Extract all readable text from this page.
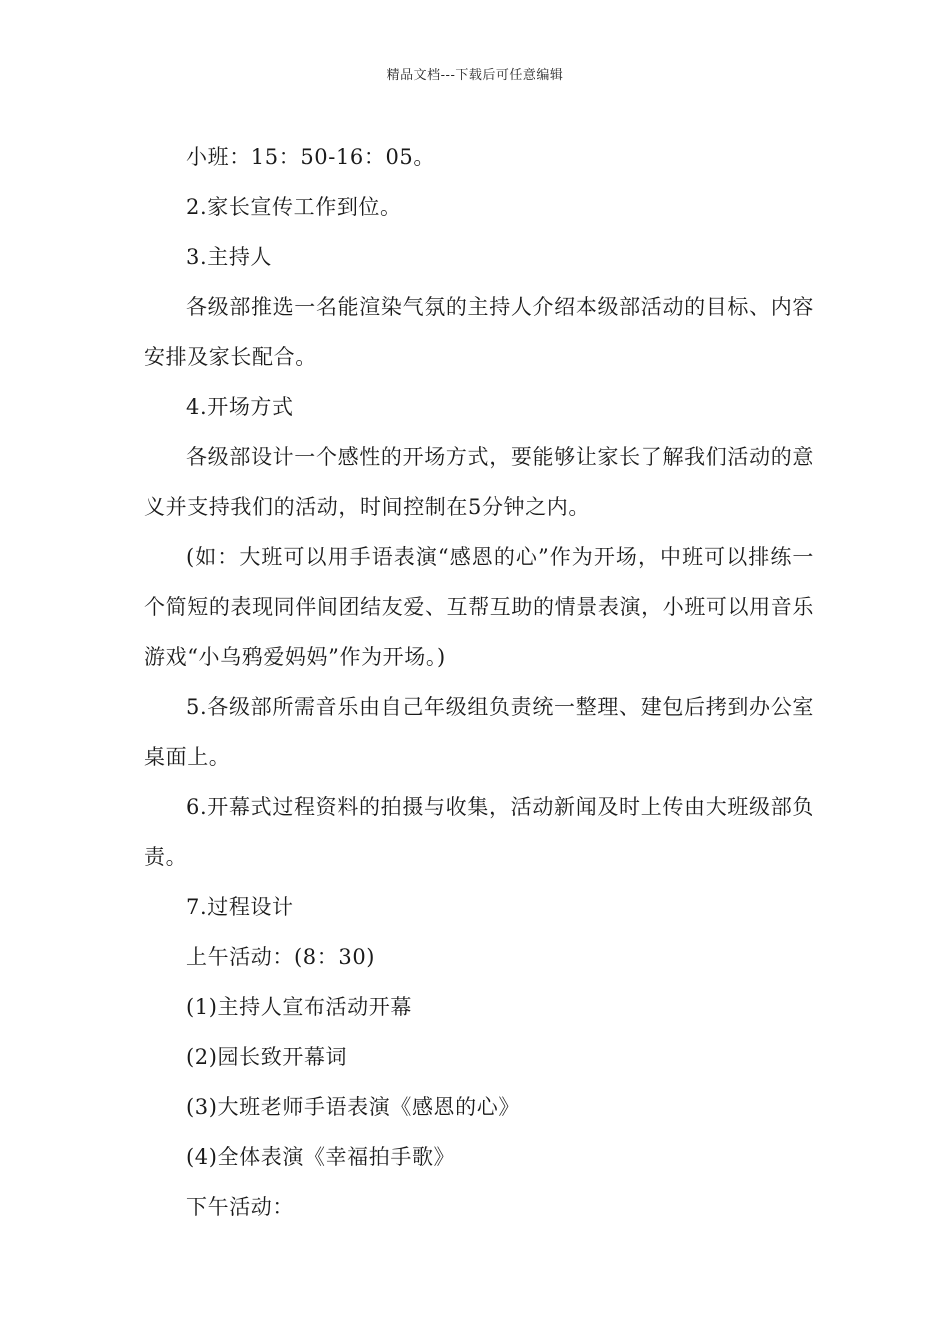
精品文档---下载后可任意编辑

小班：15：50-16：05。

2.家长宣传工作到位。

3.主持人

各级部推选一名能渲染气氛的主持人介绍本级部活动的目标、内容安排及家长配合。

4.开场方式

各级部设计一个感性的开场方式，要能够让家长了解我们活动的意义并支持我们的活动，时间控制在5分钟之内。

(如：大班可以用手语表演“感恩的心”作为开场，中班可以排练一个简短的表现同伴间团结友爱、互帮互助的情景表演，小班可以用音乐游戏“小乌鸦爱妈妈”作为开场。)

5.各级部所需音乐由自己年级组负责统一整理、建包后拷到办公室桌面上。

6.开幕式过程资料的拍摄与收集，活动新闻及时上传由大班级部负责。

7.过程设计

上午活动：(8：30)

(1)主持人宣布活动开幕

(2)园长致开幕词

(3)大班老师手语表演《感恩的心》

(4)全体表演《幸福拍手歌》

下午活动：
